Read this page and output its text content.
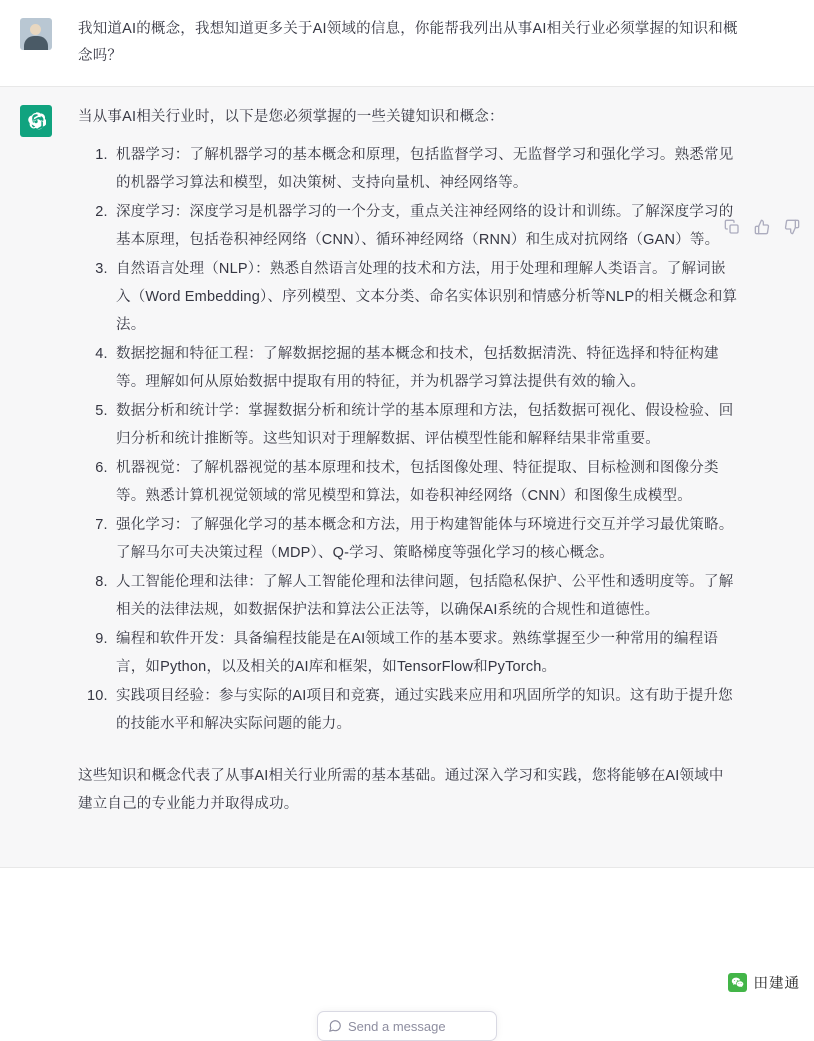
我知道AI的概念，我想知道更多关于AI领域的信息，你能帮我列出从事AI相关行业必须掌握的知识和概念吗？

当从事AI相关行业时，以下是您必须掌握的一些关键知识和概念：

1. 机器学习：了解机器学习的基本概念和原理，包括监督学习、无监督学习和强化学习。熟悉常见的机器学习算法和模型，如决策树、支持向量机、神经网络等。
2. 深度学习：深度学习是机器学习的一个分支，重点关注神经网络的设计和训练。了解深度学习的基本原理，包括卷积神经网络（CNN）、循环神经网络（RNN）和生成对抗网络（GAN）等。
3. 自然语言处理（NLP）：熟悉自然语言处理的技术和方法，用于处理和理解人类语言。了解词嵌入（Word Embedding）、序列模型、文本分类、命名实体识别和情感分析等NLP的相关概念和算法。
4. 数据挖掘和特征工程：了解数据挖掘的基本概念和技术，包括数据清洗、特征选择和特征构建等。理解如何从原始数据中提取有用的特征，并为机器学习算法提供有效的输入。
5. 数据分析和统计学：掌握数据分析和统计学的基本原理和方法，包括数据可视化、假设检验、回归分析和统计推断等。这些知识对于理解数据、评估模型性能和解释结果非常重要。
6. 机器视觉：了解机器视觉的基本原理和技术，包括图像处理、特征提取、目标检测和图像分类等。熟悉计算机视觉领域的常见模型和算法，如卷积神经网络（CNN）和图像生成模型。
7. 强化学习：了解强化学习的基本概念和方法，用于构建智能体与环境进行交互并学习最优策略。了解马尔可夫决策过程（MDP）、Q-学习、策略梯度等强化学习的核心概念。
8. 人工智能伦理和法律：了解人工智能伦理和法律问题，包括隐私保护、公平性和透明度等。了解相关的法律法规，如数据保护法和算法公正法等，以确保AI系统的合规性和道德性。
9. 编程和软件开发：具备编程技能是在AI领域工作的基本要求。熟练掌握至少一种常用的编程语言，如Python，以及相关的AI库和框架，如TensorFlow和PyTorch。
10. 实践项目经验：参与实际的AI项目和竞赛，通过实践来应用和巩固所学的知识。这有助于提升您的技能水平和解决实际问题的能力。

这些知识和概念代表了从事AI相关行业所需的基本基础。通过深入学习和实践，您将能够在AI领域中建立自己的专业能力并取得成功。

田建通
Send a message
